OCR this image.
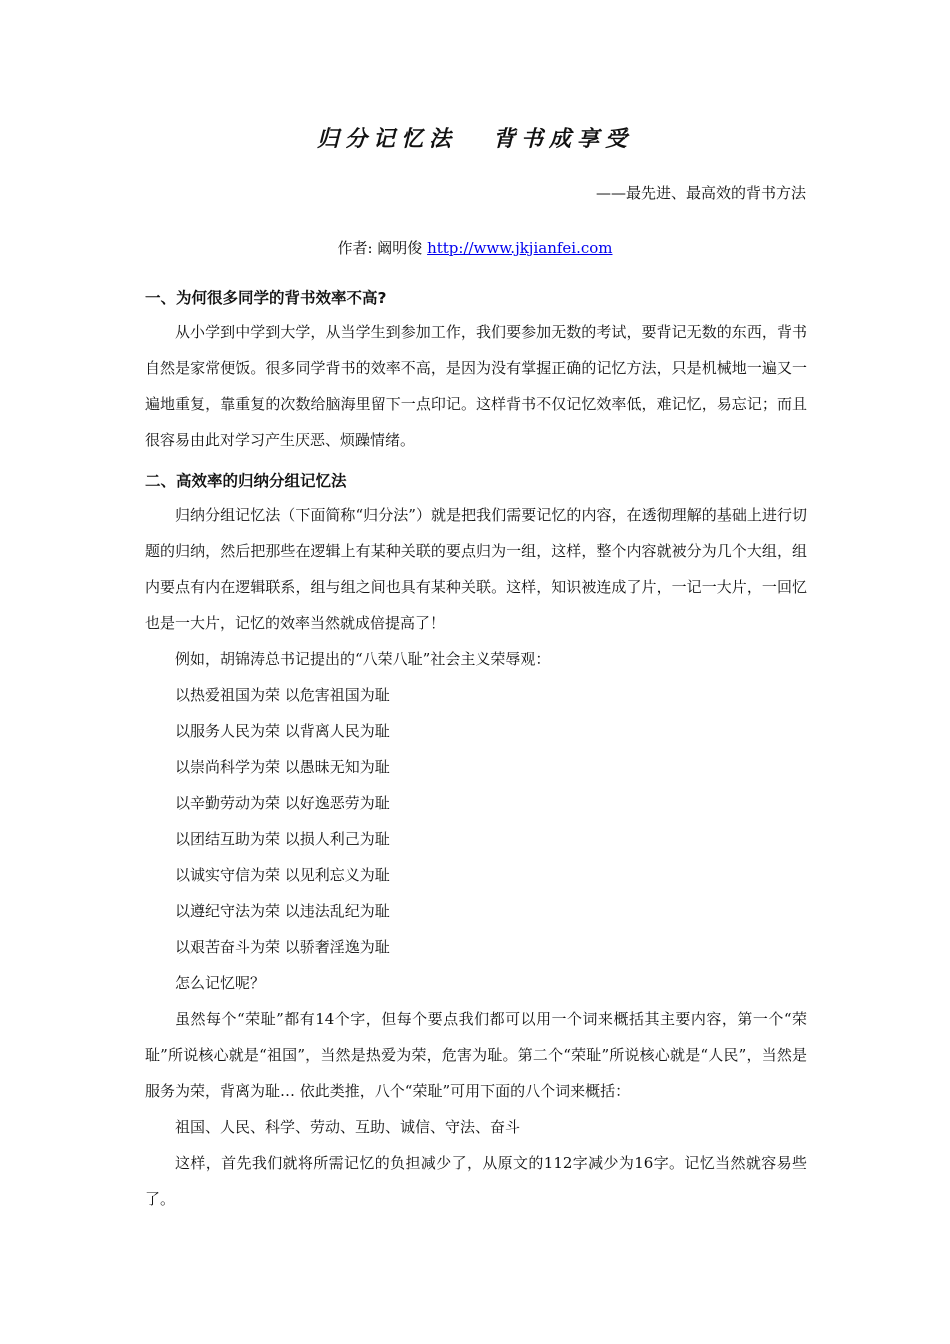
归分记忆法 背书成享受
——最先进、最高效的背书方法
作者: 阚明俊 http://www.jkjianfei.com
一、为何很多同学的背书效率不高?

从小学到中学到大学，从当学生到参加工作，我们要参加无数的考试，要背记无数的东西，背书自然是家常便饭。很多同学背书的效率不高，是因为没有掌握正确的记忆方法，只是机械地一遍又一遍地重复，靠重复的次数给脑海里留下一点印记。这样背书不仅记忆效率低，难记忆，易忘记；而且很容易由此对学习产生厌恶、烦躁情绪。

二、高效率的归纳分组记忆法

归纳分组记忆法（下面简称“归分法”）就是把我们需要记忆的内容，在透彻理解的基础上进行切题的归纳，然后把那些在逻辑上有某种关联的要点归为一组，这样，整个内容就被分为几个大组，组内要点有内在逻辑联系，组与组之间也具有某种关联。这样，知识被连成了片，一记一大片，一回忆也是一大片，记忆的效率当然就成倍提高了！

例如，胡锦涛总书记提出的“八荣八耻”社会主义荣辱观：

以热爱祖国为荣 以危害祖国为耻

以服务人民为荣 以背离人民为耻

以崇尚科学为荣 以愚昧无知为耻

以辛勤劳动为荣 以好逸恶劳为耻

以团结互助为荣 以损人利己为耻

以诚实守信为荣 以见利忘义为耻

以遵纪守法为荣 以违法乱纪为耻

以艰苦奋斗为荣 以骄奢淫逸为耻

怎么记忆呢？

虽然每个“荣耻”都有14个字，但每个要点我们都可以用一个词来概括其主要内容，第一个“荣耻”所说核心就是“祖国”，当然是热爱为荣，危害为耻。第二个“荣耻”所说核心就是“人民”，当然是服务为荣，背离为耻… 依此类推，八个“荣耻”可用下面的八个词来概括：

祖国、人民、科学、劳动、互助、诚信、守法、奋斗

这样，首先我们就将所需记忆的负担减少了，从原文的112字减少为16字。记忆当然就容易些了。
